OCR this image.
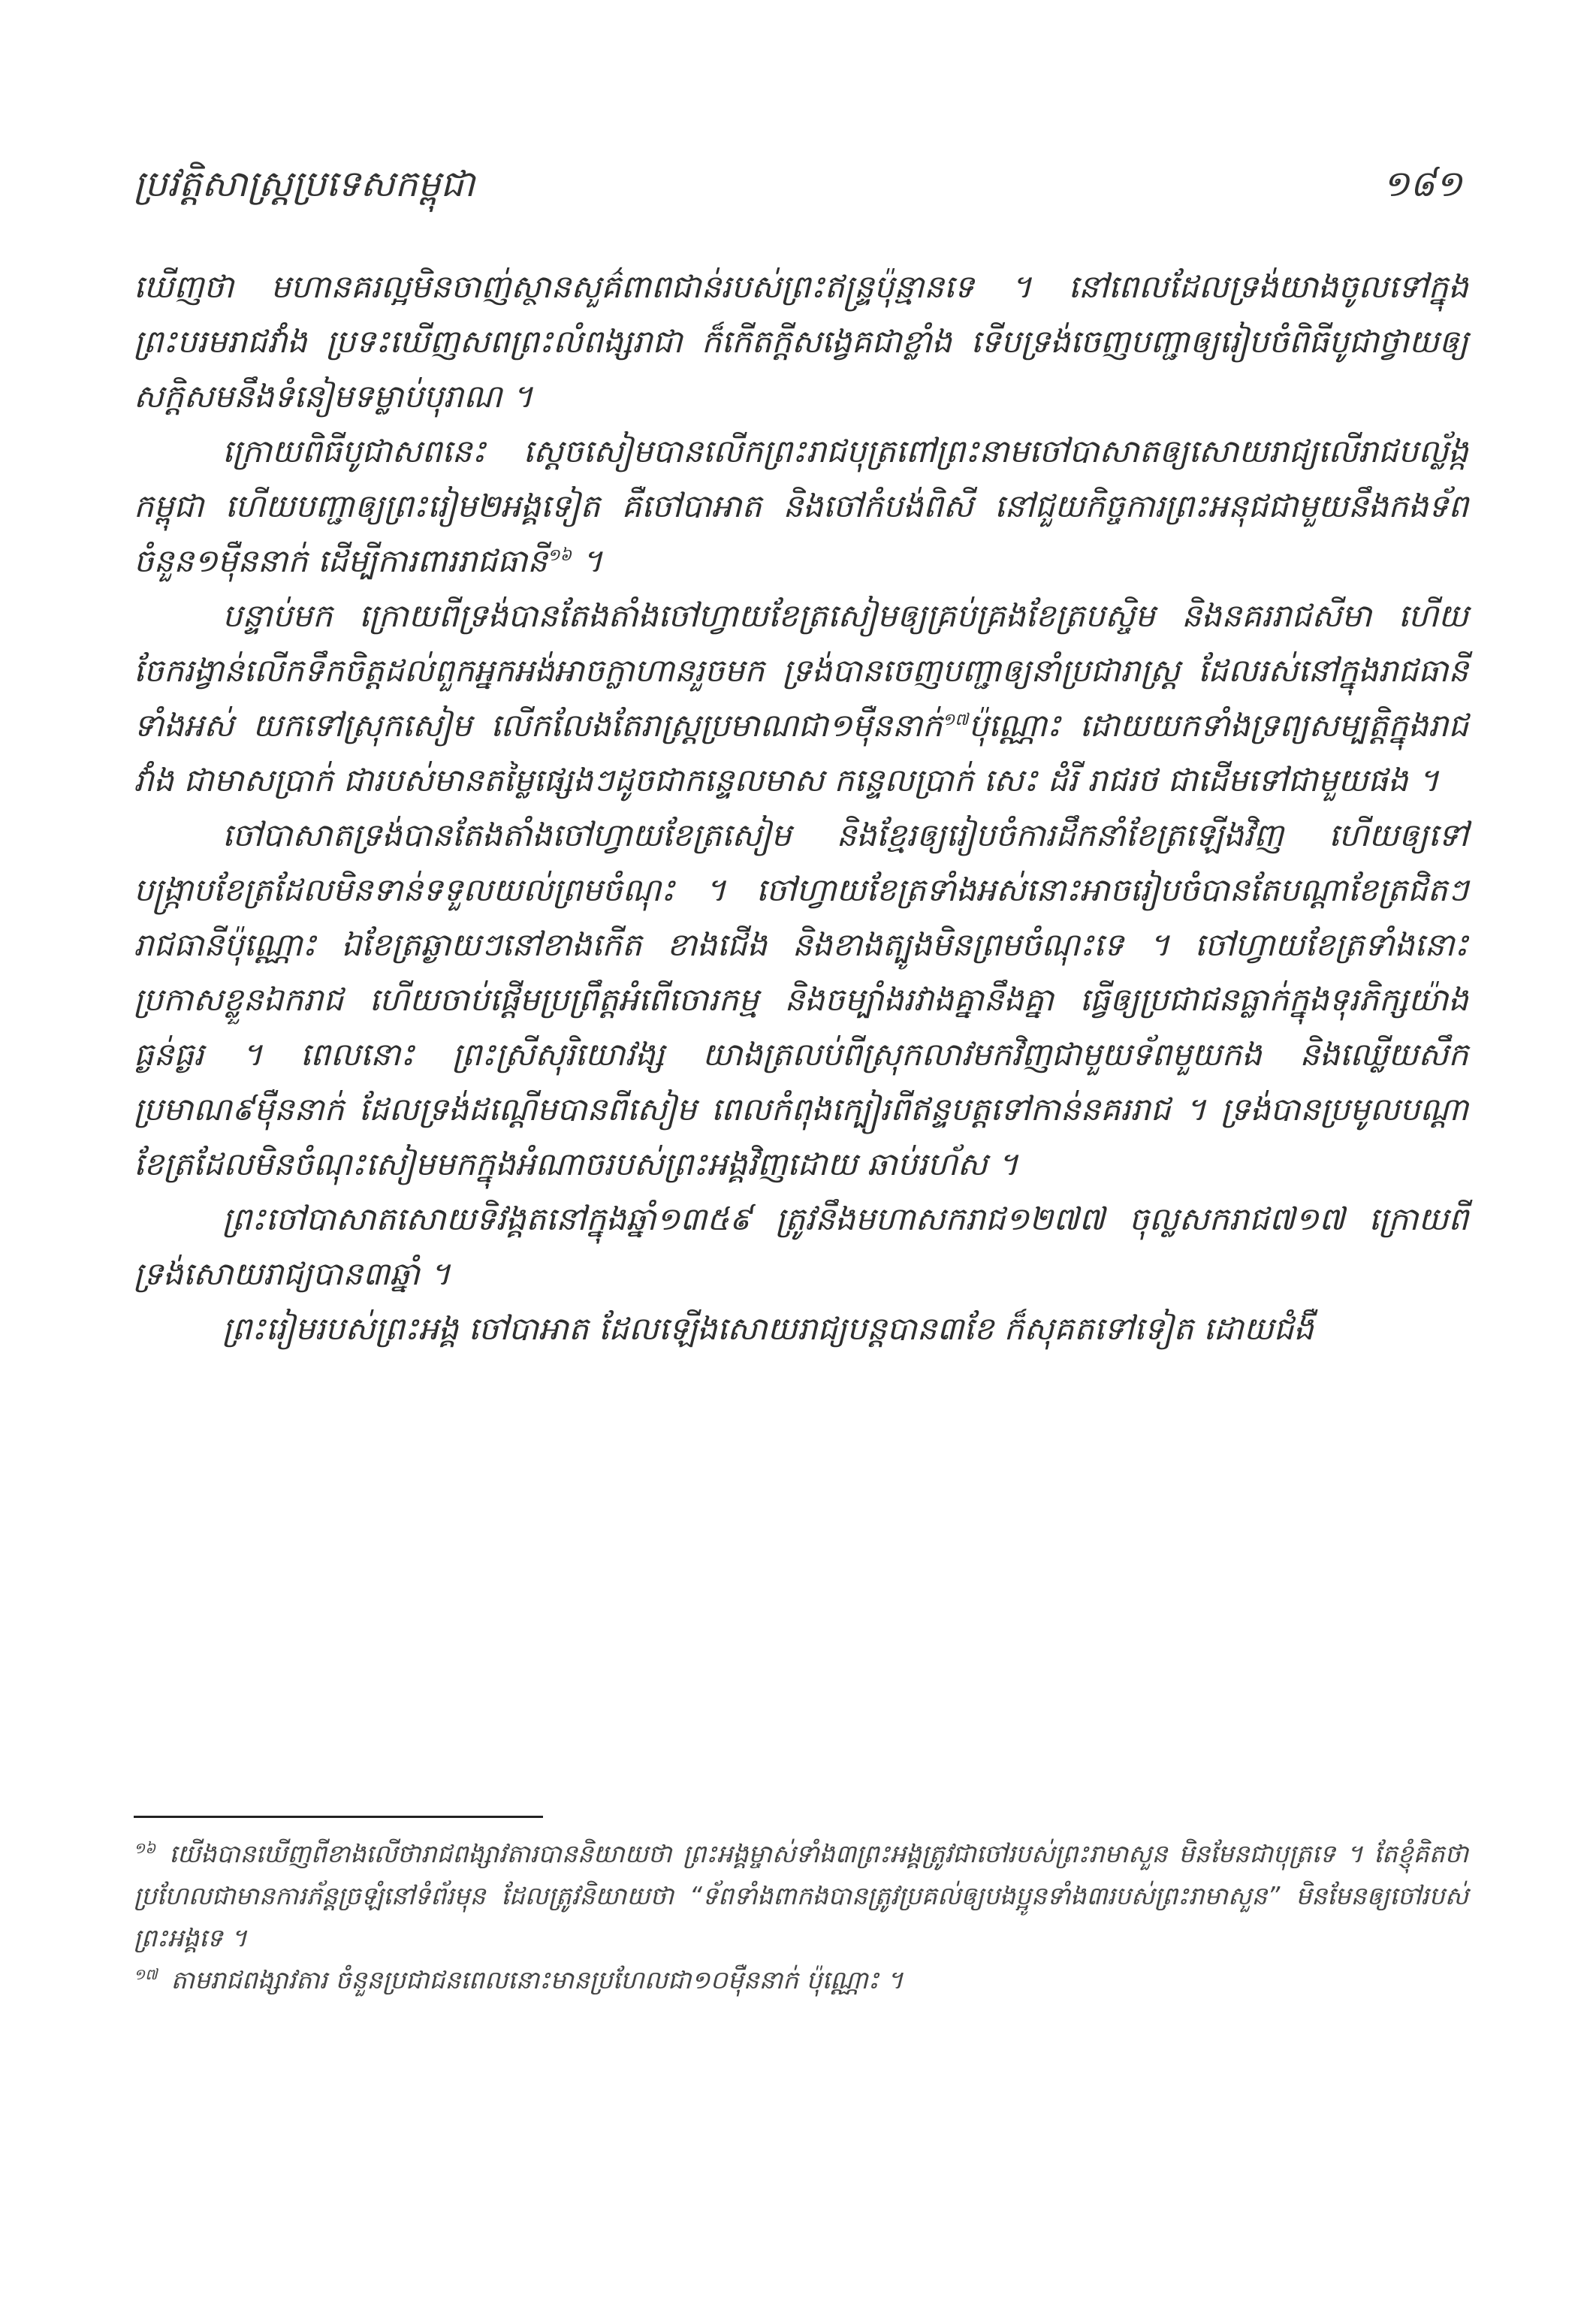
ប្រវត្តិសាស្ត្រប្រទេសកម្ពុជា	១៨១

ឃើញថា មហានគរល្អមិនចាញ់ស្ថានសួគ៌ពាពជាន់របស់ព្រះឥន្ទ្រប៉ុន្មានទេ ។ នៅពេលដែលទ្រង់យាងចូលទៅក្នុងព្រះបរមរាជវាំង ប្រទះឃើញសពព្រះលំពង្សរាជា ក៏កើតក្ដីសង្វេគជាខ្លាំង ទើបទ្រង់ចេញបញ្ជាឲ្យរៀបចំពិធីបូជាថ្វាយឲ្យសក្ដិសមនឹងទំនៀមទម្លាប់បុរាណ ។

ក្រោយពិធីបូជាសពនេះ ស្ដេចសៀមបានលើកព្រះរាជបុត្រពៅព្រះនាមចៅបាសាតឲ្យសោយរាជ្យលើរាជបល្ល័ង្កកម្ពុជា ហើយបញ្ជាឲ្យព្រះរៀម២អង្គទៀត គឺចៅបាអាត និងចៅកំបង់ពិសី នៅជួយកិច្ចការព្រះអនុជជាមួយនឹងកងទ័ពចំនួន១ម៉ឺននាក់ ដើម្បីការពាររាជធានី$^{១៦}$ ។

បន្ទាប់មក ក្រោយពីទ្រង់បានតែងតាំងចៅហ្វាយខែត្រសៀមឲ្យគ្រប់គ្រងខែត្របស្ចិម និងនគររាជសីមា ហើយចែករង្វាន់លើកទឹកចិត្តដល់ពួកអ្នកអង់អាចក្លាហានរួចមក ទ្រង់បានចេញបញ្ជាឲ្យនាំប្រជារាស្ត្រ ដែលរស់នៅក្នុងរាជធានីទាំងអស់ យកទៅស្រុកសៀម លើកលែងតែរាស្ត្រប្រមាណជា១ម៉ឺននាក់$^{១៧}$ប៉ុណ្ណោះ ដោយយកទាំងទ្រព្យសម្បត្តិក្នុងរាជវាំង ជាមាសប្រាក់ ជារបស់មានតម្លៃផ្សេងៗដូចជាកន្ទេលមាស កន្ទេលប្រាក់ សេះ ដំរី រាជរថ ជាដើមទៅជាមួយផង ។

ចៅបាសាតទ្រង់បានតែងតាំងចៅហ្វាយខែត្រសៀម និងខ្មែរឲ្យរៀបចំការដឹកនាំខែត្រឡើងវិញ ហើយឲ្យទៅបង្ក្រាបខែត្រដែលមិនទាន់ទទួលយល់ព្រមចំណុះ ។ ចៅហ្វាយខែត្រទាំងអស់នោះអាចរៀបចំបានតែបណ្ដាខែត្រជិតៗរាជធានីប៉ុណ្ណោះ ឯខែត្រឆ្ងាយៗនៅខាងកើត ខាងជើង និងខាងត្បូងមិនព្រមចំណុះទេ ។ ចៅហ្វាយខែត្រទាំងនោះប្រកាសខ្លួនឯករាជ ហើយចាប់ផ្ដើមប្រព្រឹត្តអំពើចោរកម្ម និងចម្បាំងរវាងគ្នានឹងគ្នា ធ្វើឲ្យប្រជាជនធ្លាក់ក្នុងទុរភិក្សយ៉ាងធ្ងន់ធ្ងរ ។ ពេលនោះ ព្រះស្រីសុរិយោវង្ស យាងត្រលប់ពីស្រុកលាវមកវិញជាមួយទ័ពមួយកង និងឈ្លើយសឹកប្រមាណ៩ម៉ឺននាក់ ដែលទ្រង់ដណ្ដើមបានពីសៀម ពេលកំពុងក្បៀរពីឥន្ទបត្តទៅកាន់នគររាជ ។ ទ្រង់បានប្រមូលបណ្ដាខែត្រដែលមិនចំណុះសៀមមកក្នុងអំណាចរបស់ព្រះអង្គវិញដោយ ឆាប់រហ័ស ។

ព្រះចៅបាសាតសោយទិវង្គតនៅក្នុងឆ្នាំ១៣៥៩ ត្រូវនឹងមហាសករាជ១២៧៧ ចុល្លសករាជ៧១៧ ក្រោយពីទ្រង់សោយរាជ្យបាន៣ឆ្នាំ ។

ព្រះរៀមរបស់ព្រះអង្គ ចៅបាអាត ដែលឡើងសោយរាជ្យបន្តបាន៣ខែ ក៏សុគតទៅទៀត ដោយជំងឺ

$^{១៦}$ យើងបានឃើញពីខាងលើថារាជពង្សាវតារបាននិយាយថា ព្រះអង្គម្ចាស់ទាំង៣ព្រះអង្គត្រូវជាចៅរបស់ព្រះរាមាសួន មិនមែនជាបុត្រទេ ។ តែខ្ញុំគិតថាប្រហែលជាមានការភ័ន្តច្រឡំនៅទំព័រមុន ដែលត្រូវនិយាយថា “ទ័ពទាំងពាកងបានត្រូវប្រគល់ឲ្យបងប្អូនទាំង៣របស់ព្រះរាមាសួន” មិនមែនឲ្យចៅរបស់ព្រះអង្គទេ ។

$^{១៧}$ តាមរាជពង្សាវតារ ចំនួនប្រជាជនពេលនោះមានប្រហែលជា១០ម៉ឺននាក់ ប៉ុណ្ណោះ ។
